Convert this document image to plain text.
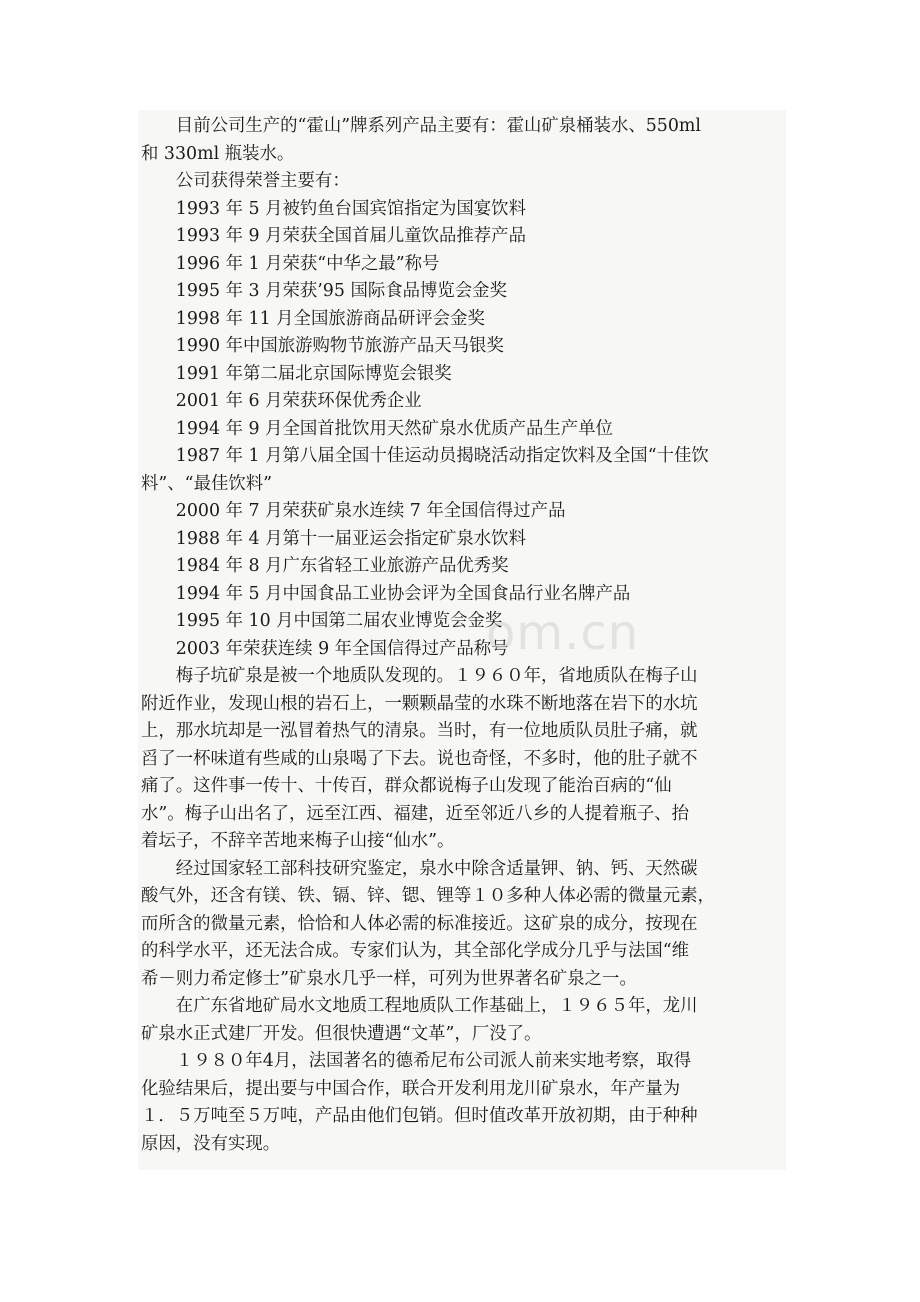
目前公司生产的“霍山”牌系列产品主要有：霍山矿泉桶装水、550ml
和 330ml 瓶装水。

公司获得荣誉主要有：

1993 年 5 月被钓鱼台国宾馆指定为国宴饮料

1993 年 9 月荣获全国首届儿童饮品推荐产品

1996 年 1 月荣获“中华之最”称号

1995 年 3 月荣获’95 国际食品博览会金奖

1998 年 11 月全国旅游商品研评会金奖

1990 年中国旅游购物节旅游产品天马银奖

1991 年第二届北京国际博览会银奖

2001 年 6 月荣获环保优秀企业

1994 年 9 月全国首批饮用天然矿泉水优质产品生产单位

1987 年 1 月第八届全国十佳运动员揭晓活动指定饮料及全国“十佳饮
料”、“最佳饮料”

2000 年 7 月荣获矿泉水连续 7 年全国信得过产品

1988 年 4 月第十一届亚运会指定矿泉水饮料

1984 年 8 月广东省轻工业旅游产品优秀奖

1994 年 5 月中国食品工业协会评为全国食品行业名牌产品

1995 年 10 月中国第二届农业博览会金奖

2003 年荣获连续 9 年全国信得过产品称号

梅子坑矿泉是被一个地质队发现的。１９６０年，省地质队在梅子山
附近作业，发现山根的岩石上，一颗颗晶莹的水珠不断地落在岩下的水坑
上，那水坑却是一泓冒着热气的清泉。当时，有一位地质队员肚子痛，就
舀了一杯味道有些咸的山泉喝了下去。说也奇怪，不多时，他的肚子就不
痛了。这件事一传十、十传百，群众都说梅子山发现了能治百病的“仙
水”。梅子山出名了，远至江西、福建，近至邻近八乡的人提着瓶子、抬
着坛子，不辞辛苦地来梅子山接“仙水”。

经过国家轻工部科技研究鉴定，泉水中除含适量钾、钠、钙、天然碳
酸气外，还含有镁、铁、镉、锌、锶、锂等１０多种人体必需的微量元素，
而所含的微量元素，恰恰和人体必需的标准接近。这矿泉的成分，按现在
的科学水平，还无法合成。专家们认为，其全部化学成分几乎与法国“维
希－则力希定修士”矿泉水几乎一样，可列为世界著名矿泉之一。

在广东省地矿局水文地质工程地质队工作基础上，１９６５年，龙川
矿泉水正式建厂开发。但很快遭遇“文革”，厂没了。

１９８０年4月，法国著名的德希尼布公司派人前来实地考察，取得
化验结果后，提出要与中国合作，联合开发利用龙川矿泉水，年产量为
１．５万吨至５万吨，产品由他们包销。但时值改革开放初期，由于种种
原因，没有实现。

om.cn
